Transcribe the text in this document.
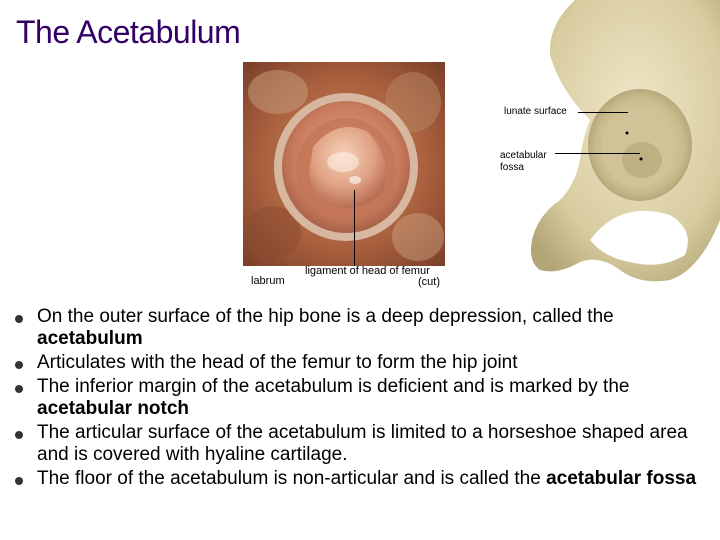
The Acetabulum
labrum
ligament of head of femur
(cut)
lunate surface
acetabular
fossa
On the outer surface of the hip bone is a deep depression, called the acetabulum
Articulates with the head of the femur to form the hip joint
The inferior margin of the acetabulum is deficient and is marked by the acetabular notch
The articular surface of the acetabulum is limited to a horseshoe shaped area and is covered with hyaline cartilage.
The floor of the acetabulum is non-articular and is called the acetabular fossa
